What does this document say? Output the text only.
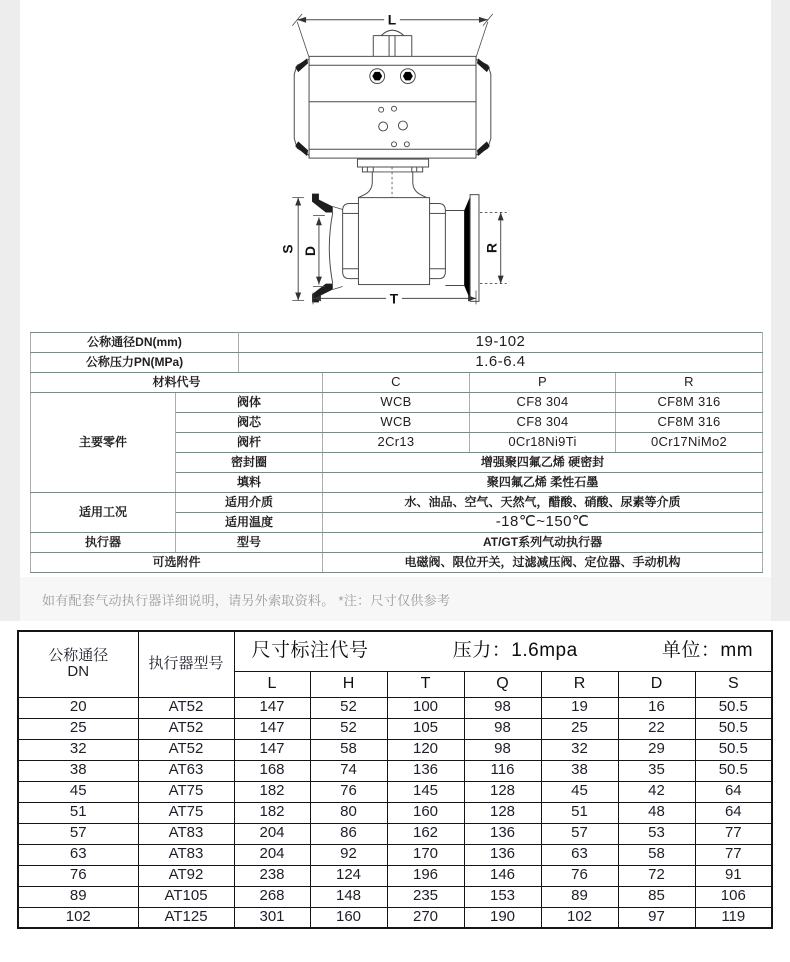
L
S D	R
T
公称通径DN(mm)		19-102			
公称压力PN(MPa)		1.6-6.4			
材料代号			C	P	R
主要零件	阀体		WCB	CF8 304	CF8M 316
	阀芯		WCB	CF8 304	CF8M 316
	阀杆		2Cr13	0Cr18Ni9Ti	0Cr17NiMo2
	密封圈		增强聚四氟乙烯 硬密封		
	填料		聚四氟乙烯 柔性石墨		
适用工况	适用介质		水、油品、空气、天然气，醋酸、硝酸、尿素等介质		
	适用温度		-18℃~150℃		
执行器	型号		AT/GT系列气动执行器		
可选附件			电磁阀、限位开关，过滤减压阀、定位器、手动机构		
如有配套气动执行器详细说明，请另外索取资料。 *注：尺寸仅供参考
公称通径
DN	执行器型号	
尺寸标注代号	压力：1.6mpa	单位：mm

		L	H	T	Q	R	D	S
20	AT52	147	52	100	98	19	16	50.5
25	AT52	147	52	105	98	25	22	50.5
32	AT52	147	58	120	98	32	29	50.5
38	AT63	168	74	136	116	38	35	50.5
45	AT75	182	76	145	128	45	42	64
51	AT75	182	80	160	128	51	48	64
57	AT83	204	86	162	136	57	53	77
63	AT83	204	92	170	136	63	58	77
76	AT92	238	124	196	146	76	72	91
89	AT105	268	148	235	153	89	85	106
102	AT125	301	160	270	190	102	97	119
